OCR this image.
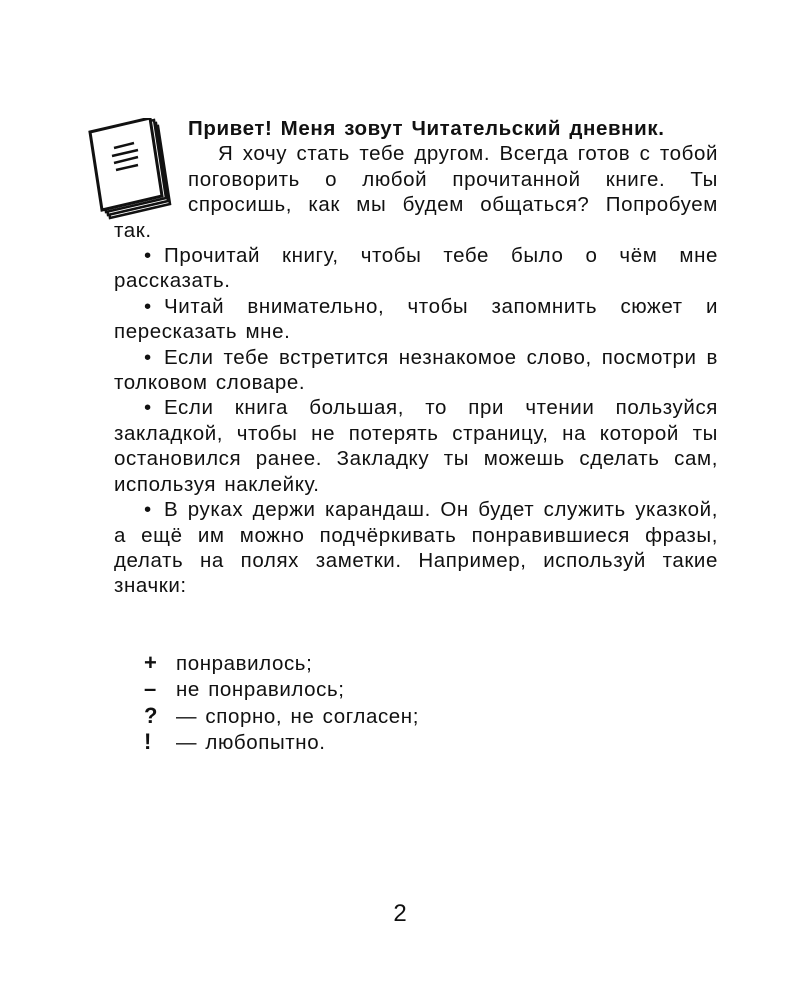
Привет! Меня зовут Читательский дневник.

Я хочу стать тебе другом. Всегда готов с тобой поговорить о любой прочитанной книге. Ты спросишь, как мы будем общаться? Попробуем так.

• Прочитай книгу, чтобы тебе было о чём мне рассказать.

• Читай внимательно, чтобы запомнить сюжет и пересказать мне.

• Если тебе встретится незнакомое слово, посмотри в толковом словаре.

• Если книга большая, то при чтении пользуйся закладкой, чтобы не потерять страницу, на которой ты остановился ранее. Закладку ты можешь сделать сам, используя наклейку.

• В руках держи карандаш. Он будет служить указкой, а ещё им можно подчёркивать понравившиеся фразы, делать на полях заметки. Например, используй такие значки:

+ понравилось;
– не понравилось;
? — спорно, не согласен;
! — любопытно.
2
